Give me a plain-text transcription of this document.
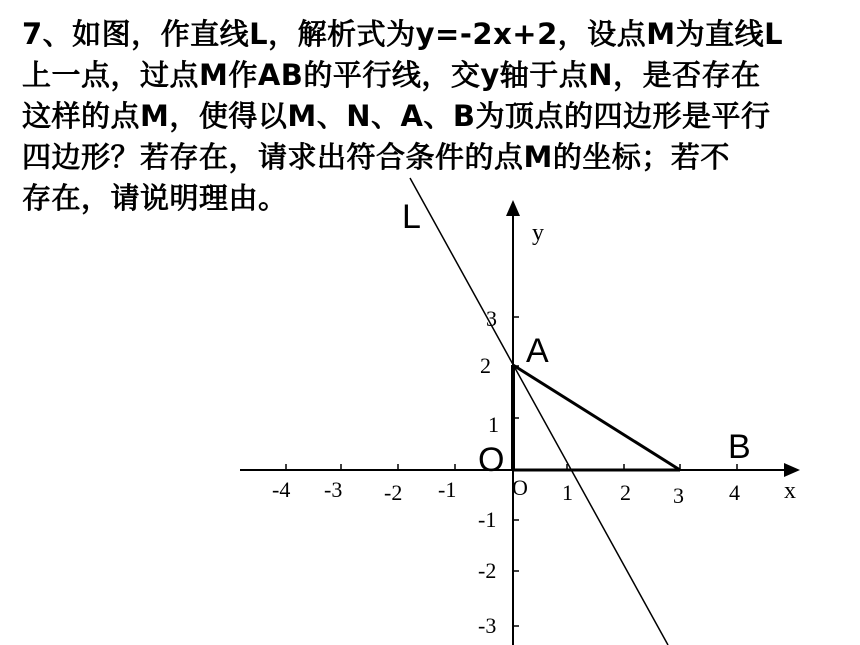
7、如图，作直线L，解析式为y=-2x+2，设点M为直线L
上一点，过点M作AB的平行线，交y轴于点N，是否存在
这样的点M，使得以M、N、A、B为顶点的四边形是平行
四边形？若存在，请求出符合条件的点M的坐标；若不
存在，请说明理由。	L	y
x
A
B
O
O
-4 -3 -2 -1	1 2 3 4
3
2
1
-1
-2
-3
